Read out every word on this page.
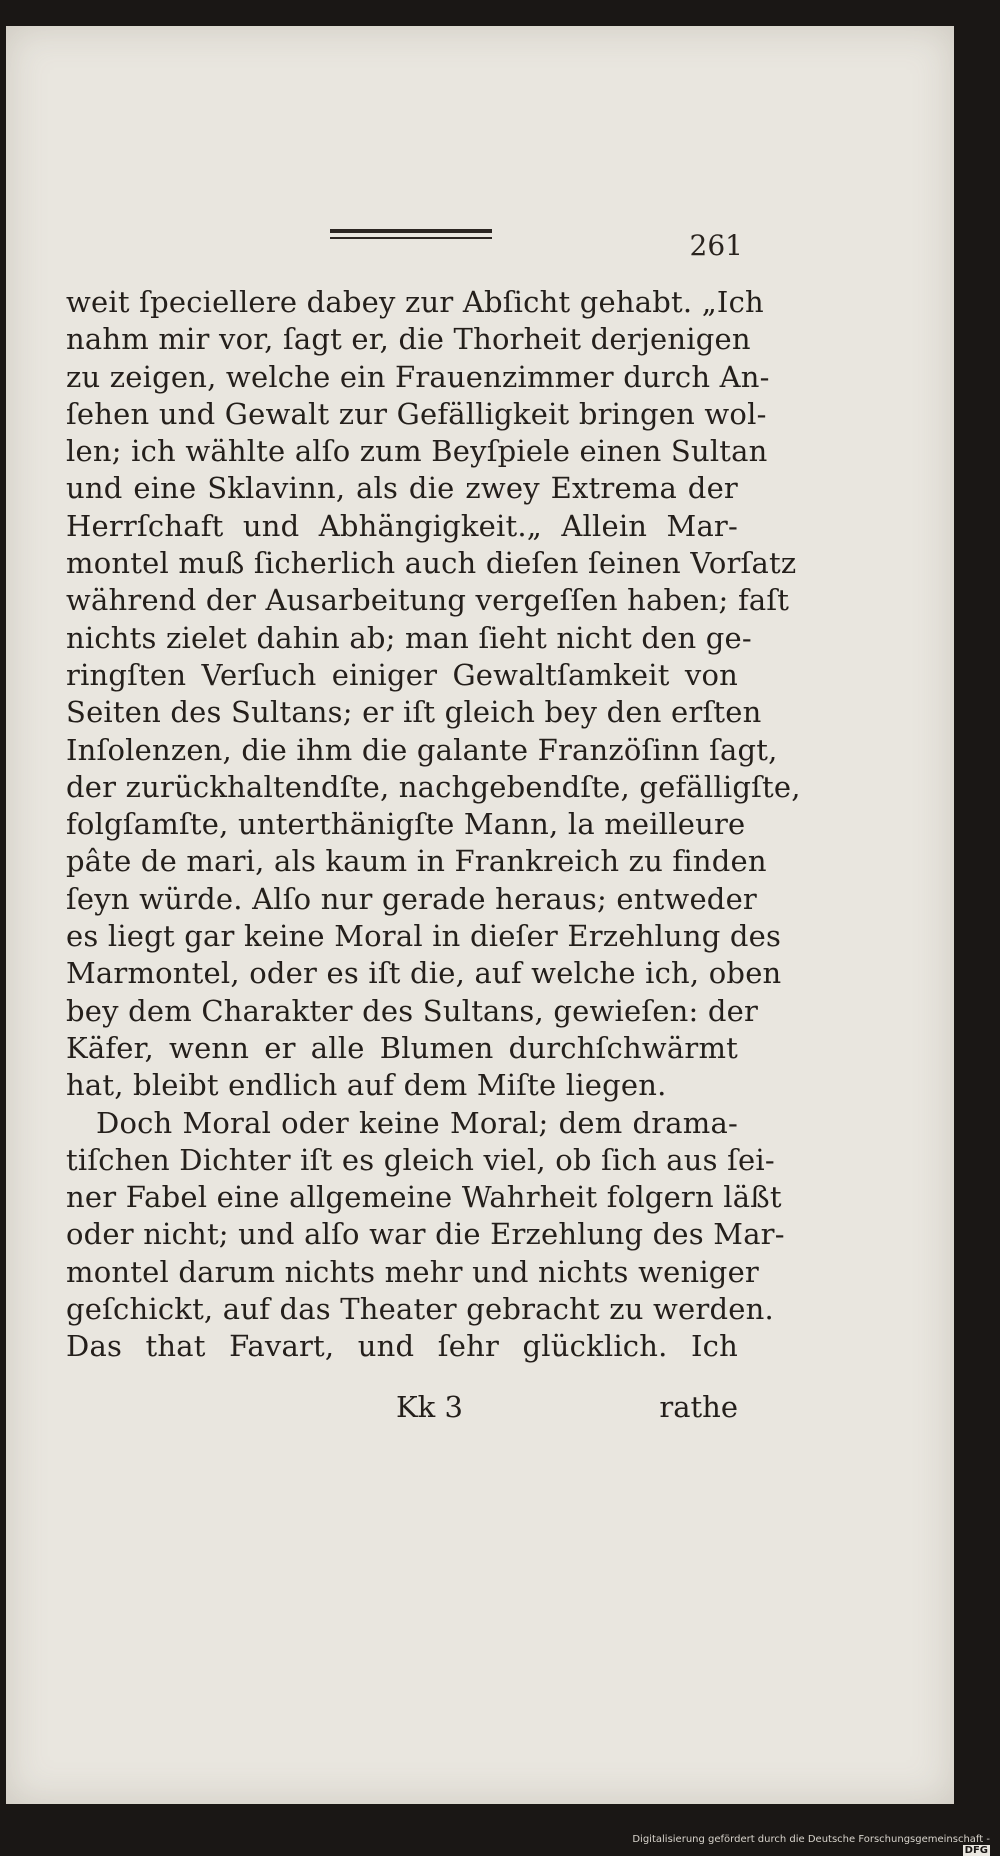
261
weit ſpeciellere dabey zur Abſicht gehabt. „Ich
nahm mir vor, ſagt er, die Thorheit derjenigen
zu zeigen, welche ein Frauenzimmer durch An-
ſehen und Gewalt zur Gefälligkeit bringen wol-
len; ich wählte alſo zum Beyſpiele einen Sultan
und eine Sklavinn, als die zwey Extrema der
Herrſchaft und Abhängigkeit.„ Allein Mar-
montel muß ſicherlich auch dieſen ſeinen Vorſatz
während der Ausarbeitung vergeſſen haben; faſt
nichts zielet dahin ab; man ſieht nicht den ge-
ringſten Verſuch einiger Gewaltſamkeit von
Seiten des Sultans; er iſt gleich bey den erſten
Inſolenzen, die ihm die galante Franzöſinn ſagt,
der zurückhaltendſte, nachgebendſte, gefälligſte,
folgſamſte, unterthänigſte Mann, la meilleure
pâte de mari, als kaum in Frankreich zu finden
ſeyn würde. Alſo nur gerade heraus; entweder
es liegt gar keine Moral in dieſer Erzehlung des
Marmontel, oder es iſt die, auf welche ich, oben
bey dem Charakter des Sultans, gewieſen: der
Käfer, wenn er alle Blumen durchſchwärmt
hat, bleibt endlich auf dem Miſte liegen.
Doch Moral oder keine Moral; dem drama-
tiſchen Dichter iſt es gleich viel, ob ſich aus ſei-
ner Fabel eine allgemeine Wahrheit folgern läßt
oder nicht; und alſo war die Erzehlung des Mar-
montel darum nichts mehr und nichts weniger
geſchickt, auf das Theater gebracht zu werden.
Das that Favart, und ſehr glücklich. Ich
Kk 3	rathe
Digitalisierung gefördert durch die Deutsche Forschungsgemeinschaft -DFG
